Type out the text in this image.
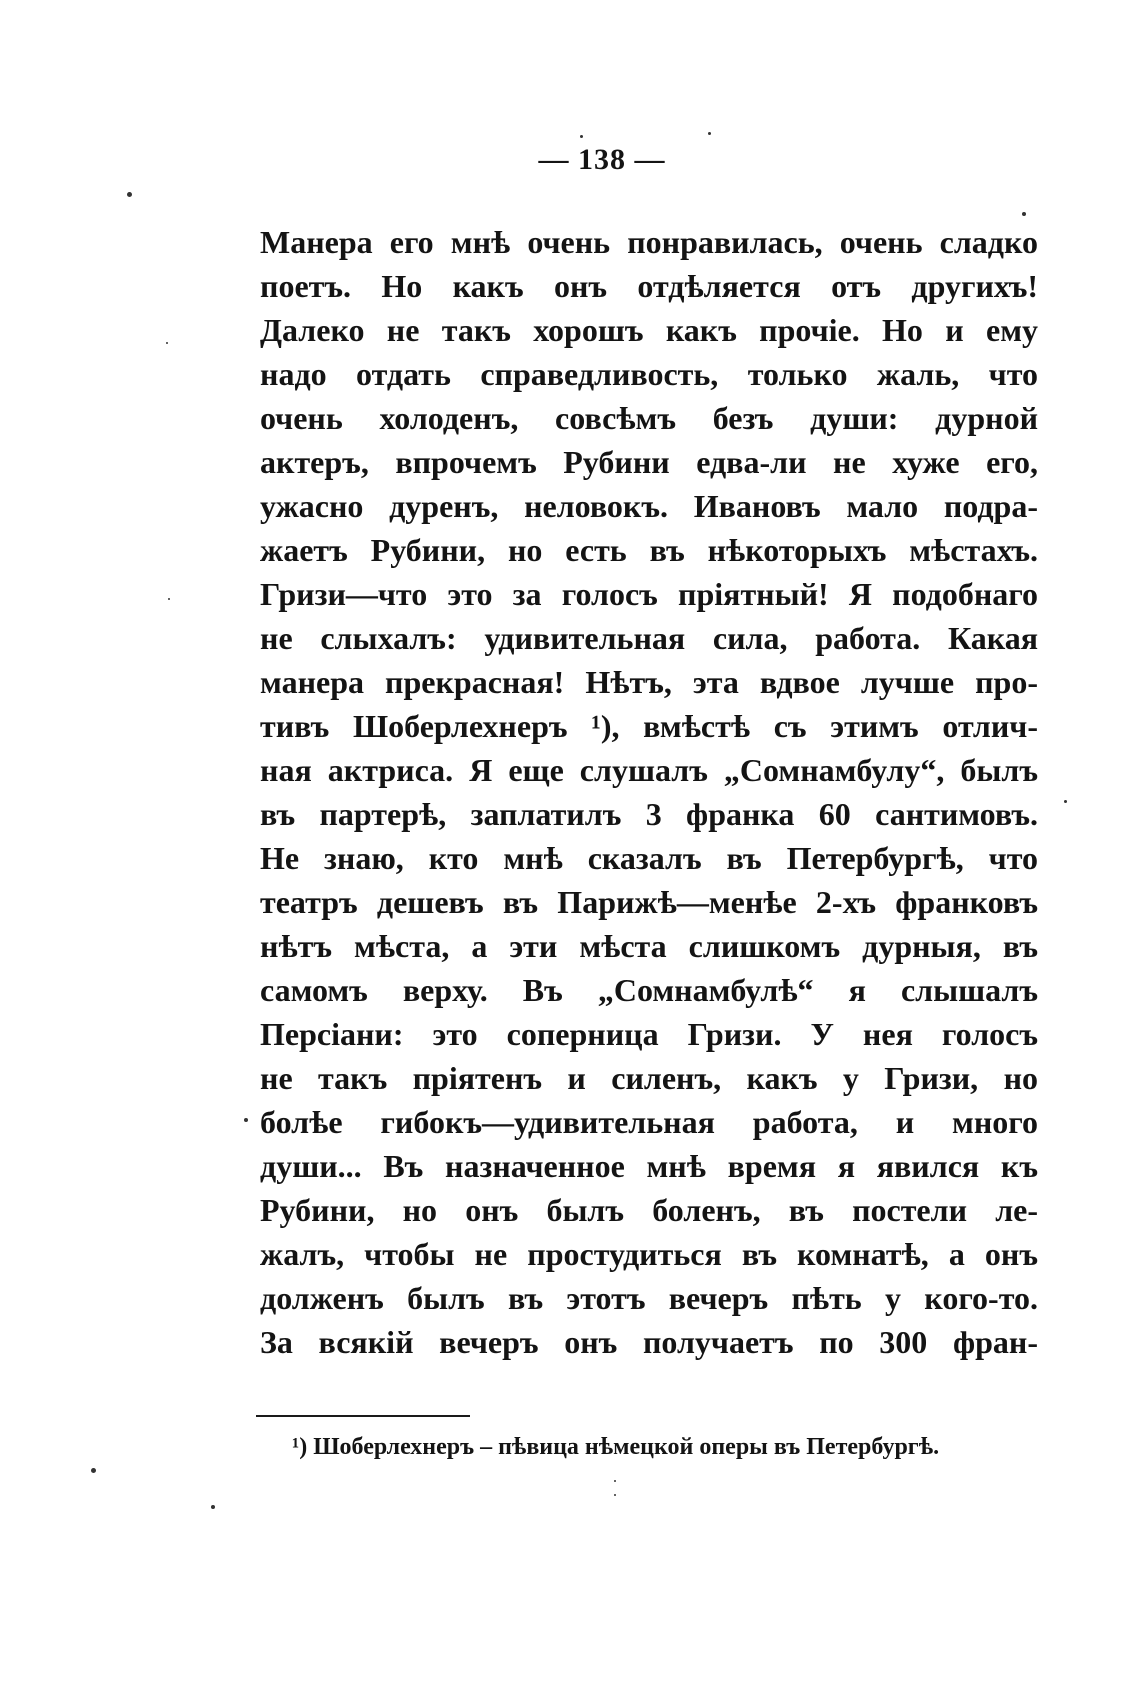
— 138 —
Манера его мнѣ очень понравилась, очень сладко
поетъ. Но какъ онъ отдѣляется отъ другихъ!
Далеко не такъ хорошъ какъ прочіе. Но и ему
надо отдать справедливость, только жаль, что
очень холоденъ, совсѣмъ безъ души: дурной
актеръ, впрочемъ Рубини едва-ли не хуже его,
ужасно дуренъ, неловокъ. Ивановъ мало подра-
жаетъ Рубини, но есть въ нѣкоторыхъ мѣстахъ.
Гризи—что это за голосъ пріятный! Я подобнаго
не слыхалъ: удивительная сила, работа. Какая
манера прекрасная! Нѣтъ, эта вдвое лучше про-
тивъ Шоберлехнеръ ¹), вмѣстѣ съ этимъ отлич-
ная актриса. Я еще слушалъ „Сомнамбулу“, былъ
въ партерѣ, заплатилъ 3 франка 60 сантимовъ.
Не знаю, кто мнѣ сказалъ въ Петербургѣ, что
театръ дешевъ въ Парижѣ—менѣе 2-хъ франковъ
нѣтъ мѣста, а эти мѣста слишкомъ дурныя, въ
самомъ верху. Въ „Сомнамбулѣ“ я слышалъ
Персіани: это соперница Гризи. У нея голосъ
не такъ пріятенъ и силенъ, какъ у Гризи, но
болѣе гибокъ—удивительная работа, и много
души... Въ назначенное мнѣ время я явился къ
Рубини, но онъ былъ боленъ, въ постели ле-
жалъ, чтобы не простудиться въ комнатѣ, а онъ
долженъ былъ въ этотъ вечеръ пѣть у кого-то.
За всякій вечеръ онъ получаетъ по 300 фран-
¹) Шоберлехнеръ – пѣвица нѣмецкой оперы въ Петербургѣ.
